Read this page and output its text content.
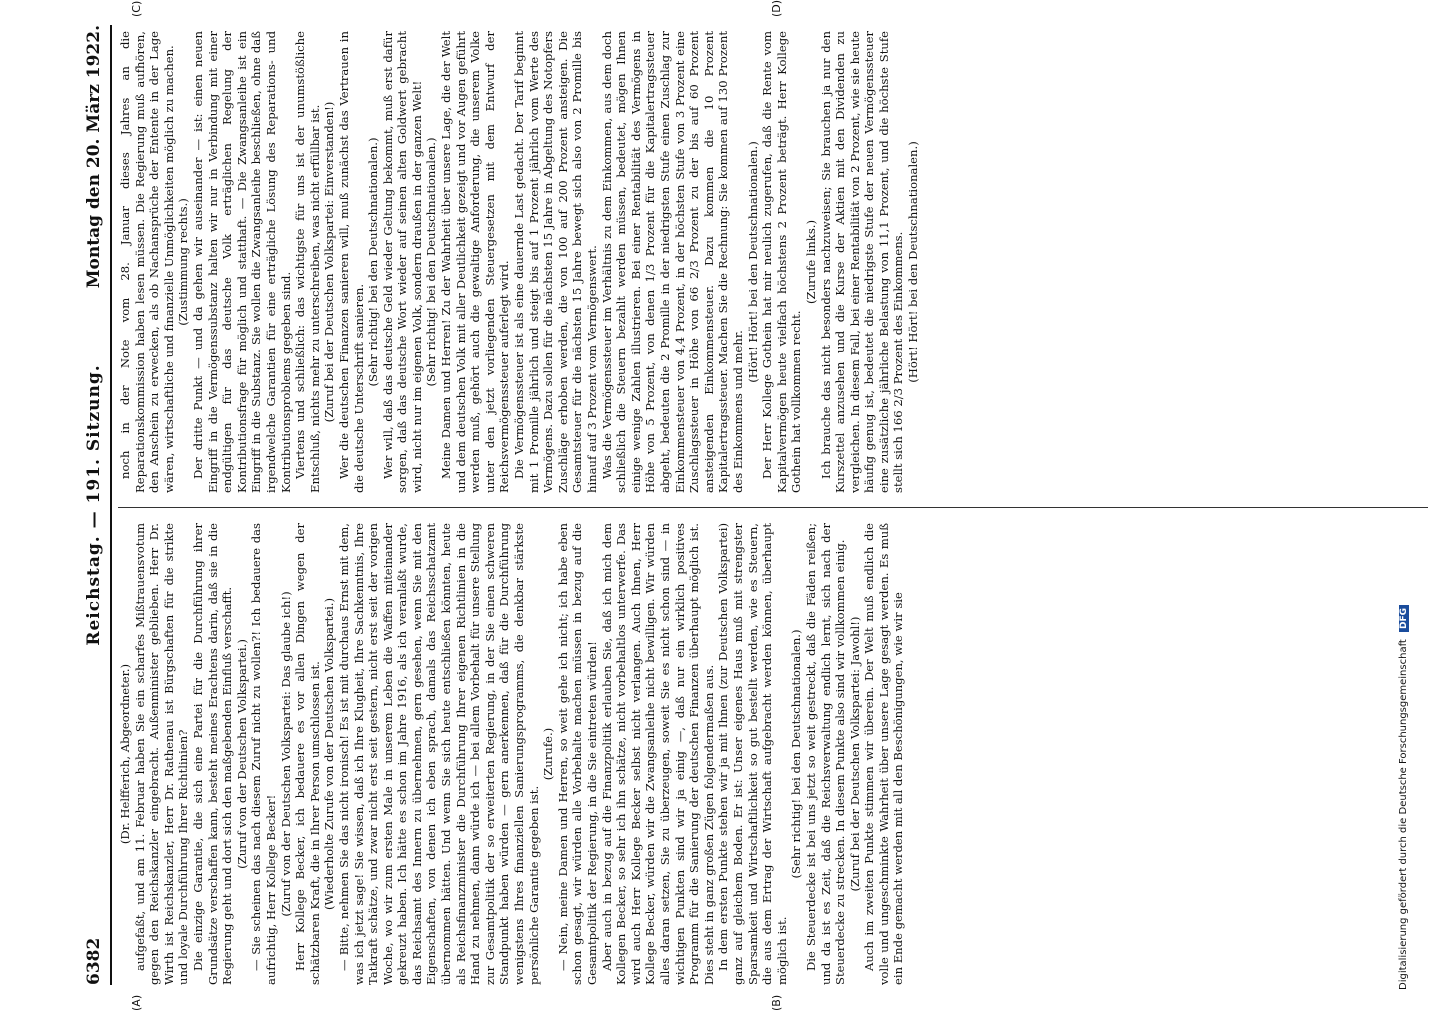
6382
Reichstag. — 191. Sitzung.
Montag den 20. März 1922.

(Dr. Helfferich, Abgeordneter.) aufgefaßt, und am 11. Februar haben Sie ein scharfes Mißtrauensvotum gegen den Reichskanzler eingebracht. Außenminister geblieben. Herr Dr. Wirth ist Reichskanzler, Herr Dr. Rathenau ist Bürgschaften für die strikte und loyale Durchführung Ihrer Richtlinien? Die einzige Garantie, die sich eine Partei für die Durchführung ihrer Grundsätze verschaffen kann, besteht meines Erachtens darin, daß sie in die Regierung geht und dort sich den maßgebenden Einfluß verschafft. (Zuruf von der Deutschen Volkspartei.) — Sie scheinen das nach diesem Zuruf nicht zu wollen?! Ich bedauere das aufrichtig, Herr Kollege Becker! (Zuruf von der Deutschen Volkspartei: Das glaube ich!) Herr Kollege Becker, ich bedauere es vor allen Dingen wegen der schätzbaren Kraft, die in Ihrer Person umschlossen ist. (Wiederholte Zurufe von der Deutschen Volkspartei.) — Bitte, nehmen Sie das nicht ironisch! Es ist mit durchaus Ernst mit dem, was ich jetzt sage! Sie wissen, daß ich Ihre Klugheit, Ihre Sachkenntnis, Ihre Tatkraft schätze, und zwar nicht erst seit gestern, nicht erst seit der vorigen Woche, wo wir zum ersten Male in unserem Leben die Waffen miteinander gekreuzt haben. Ich hätte es schon im Jahre 1916, als ich veranlaßt wurde, das Reichsamt des Innern zu übernehmen, gern gesehen, wenn Sie mit den Eigenschaften, von denen ich eben sprach, damals das Reichsschatzamt übernommen hätten. Und wenn Sie sich heute entschließen könnten, heute als Reichsfinanzminister die Durchführung Ihrer eigenen Richtlinien in die Hand zu nehmen, dann würde ich — bei allem Vorbehalt für unsere Stellung zur Gesamtpolitik der so erweiterten Regierung, in der Sie einen schweren Standpunkt haben würden — gern anerkennen, daß für die Durchführung wenigstens Ihres finanziellen Sanierungsprogramms, die denkbar stärkste persönliche Garantie gegeben ist.

(Zurufe.) — Nein, meine Damen und Herren, so weit gehe ich nicht; ich habe eben schon gesagt, wir würden alle Vorbehalte machen müssen in bezug auf die Gesamtpolitik der Regierung, in die Sie eintreten würden! Aber auch in bezug auf die Finanzpolitik erlauben Sie, daß ich mich dem Kollegen Becker, so sehr ich ihn schätze, nicht vorbehaltlos unterwerfe. Das wird auch Herr Kollege Becker selbst nicht verlangen. Auch Ihnen, Herr Kollege Becker, würden wir die Zwangsanleihe nicht bewilligen. Wir würden alles daran setzen, Sie zu überzeugen, soweit Sie es nicht schon sind — in wichtigen Punkten sind wir ja einig —, daß nur ein wirklich positives Programm für die Sanierung der deutschen Finanzen überhaupt möglich ist. Dies steht in ganz großen Zügen folgendermaßen aus. In dem ersten Punkte stehen wir ja mit Ihnen (zur Deutschen Volkspartei) ganz auf gleichem Boden. Er ist: Unser eigenes Haus muß mit strengster Sparsamkeit und Wirtschaftlichkeit so gut bestellt werden, wie es Steuern, die aus dem Ertrag der Wirtschaft aufgebracht werden können, überhaupt möglich ist.

(Sehr richtig! bei den Deutschnationalen.) Die Steuerdecke ist bei uns jetzt so weit gestreckt, daß die Fäden reißen; und da ist es Zeit, daß die Reichsverwaltung endlich lernt, sich nach der Steuerdecke zu strecken. In diesem Punkte also sind wir vollkommen einig. (Zuruf bei der Deutschen Volkspartei: Jawohl!) Auch im zweiten Punkte stimmen wir überein. Der Welt muß endlich die volle und ungeschminkte Wahrheit über unsere Lage gesagt werden. Es muß ein Ende gemacht werden mit all den Beschönigungen, wie wir sie

noch in der Note vom 28. Januar dieses Jahres an die Reparationskommission haben lesen müssen. Die Regierung muß aufhören, den Anschein zu erwecken, als ob Nachansprüche der Entente in der Lage wären, wirtschaftliche und finanzielle Unmöglichkeiten möglich zu machen. (Zustimmung rechts.) Der dritte Punkt — und da gehen wir auseinander — ist: einen neuen Eingriff in die Vermögenssubstanz halten wir nur in Verbindung mit einer endgültigen für das deutsche Volk erträglichen Regelung der Kontributionsfrage für möglich und statthaft. — Die Zwangsanleihe ist ein Eingriff in die Substanz. Sie wollen die Zwangsanleihe beschließen, ohne daß irgendwelche Garantien für eine erträgliche Lösung des Reparations- und Kontributionsproblems gegeben sind. Viertens und schließlich: das wichtigste für uns ist der unumstößliche Entschluß, nichts mehr zu unterschreiben, was nicht erfüllbar ist. (Zuruf bei der Deutschen Volkspartei: Einverstanden!) Wer die deutschen Finanzen sanieren will, muß zunächst das Vertrauen in die deutsche Unterschrift sanieren.

(Sehr richtig! bei den Deutschnationalen.) Wer will, daß das deutsche Geld wieder Geltung bekommt, muß erst dafür sorgen, daß das deutsche Wort wieder auf seinen alten Goldwert gebracht wird, nicht nur im eigenen Volk, sondern draußen in der ganzen Welt! (Sehr richtig! bei den Deutschnationalen.) Meine Damen und Herren! Zu der Wahrheit über unsere Lage, die der Welt und dem deutschen Volk mit aller Deutlichkeit gezeigt und vor Augen geführt werden muß, gehört auch die gewaltige Anforderung, die unserem Volke unter den jetzt vorliegenden Steuergesetzen mit dem Entwurf der Reichsvermögenssteuer auferlegt wird. Die Vermögenssteuer ist als eine dauernde Last gedacht. Der Tarif beginnt mit 1 Promille jährlich und steigt bis auf 1 Prozent jährlich vom Werte des Vermögens. Dazu sollen für die nächsten 15 Jahre in Abgeltung des Notopfers Zuschläge erhoben werden, die von 100 auf 200 Prozent ansteigen. Die Gesamtsteuer für die nächsten 15 Jahre bewegt sich also von 2 Promille bis hinauf auf 3 Prozent vom Vermögenswert. Was die Vermögenssteuer im Verhältnis zu dem Einkommen, aus dem doch schließlich die Steuern bezahlt werden müssen, bedeutet, mögen Ihnen einige wenige Zahlen illustrieren. Bei einer Rentabilität des Vermögens in Höhe von 5 Prozent, von denen 1/3 Prozent für die Kapitalertragssteuer abgeht, bedeuten die 2 Promille in der niedrigsten Stufe einen Zuschlag zur Einkommensteuer von 4,4 Prozent, in der höchsten Stufe von 3 Prozent eine Zuschlagssteuer in Höhe von 66 2/3 Prozent zu der bis auf 60 Prozent ansteigenden Einkommensteuer. Dazu kommen die 10 Prozent Kapitalertragssteuer. Machen Sie die Rechnung: Sie kommen auf 130 Prozent des Einkommens und mehr.

(Hört! Hört! bei den Deutschnationalen.) Der Herr Kollege Gothein hat mir neulich zugerufen, daß die Rente vom Kapitalvermögen heute vielfach höchstens 2 Prozent beträgt. Herr Kollege Gothein hat vollkommen recht.

(Zurufe links.) Ich brauche das nicht besonders nachzuweisen; Sie brauchen ja nur den Kurszettel anzusehen und die Kurse der Aktien mit den Dividenden zu vergleichen. In diesem Fall, bei einer Rentabilität von 2 Prozent, wie sie heute häufig genug ist, bedeutet die niedrigste Stufe der neuen Vermögenssteuer eine zusätzliche jährliche Belastung von 11,1 Prozent, und die höchste Stufe stellt sich 166 2/3 Prozent des Einkommens. (Hört! Hört! bei den Deutschnationalen.)

(A)	(B)
(C)	(D)
Digitalisierung gefördert durch die Deutsche Forschungsgemeinschaft DFG
